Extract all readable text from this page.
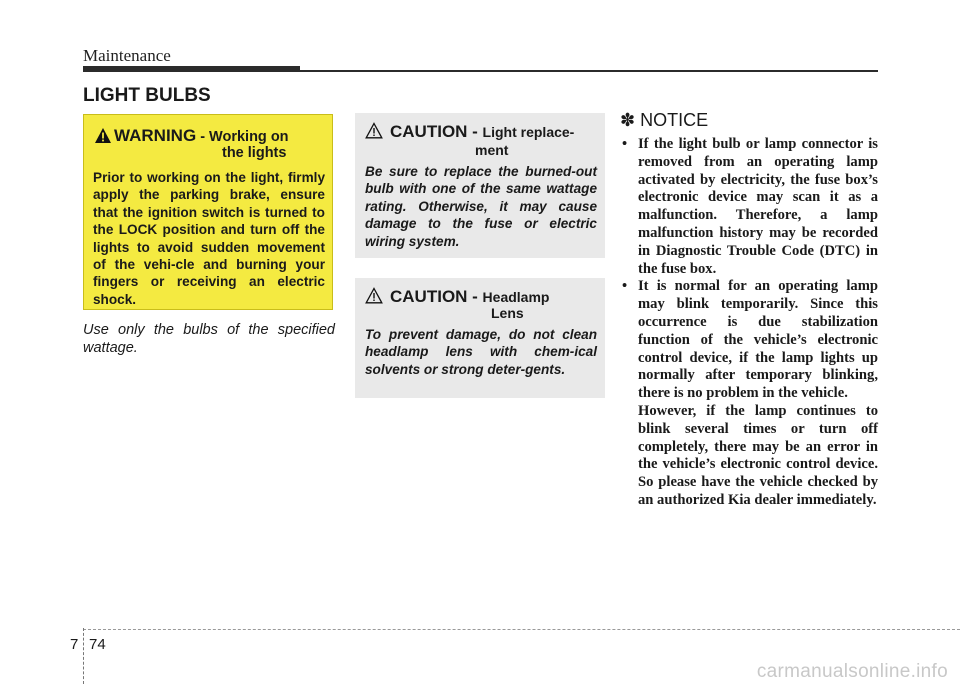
Maintenance
LIGHT BULBS
WARNING - Working on
the lights
Prior to working on the light, firmly apply the parking brake, ensure that the ignition switch is turned to the LOCK position and turn off the lights to avoid sudden movement of the vehi-cle and burning your fingers or receiving an electric shock.
Use only the bulbs of the specified wattage.
CAUTION - Light replace-
ment
Be sure to replace the burned-out bulb with one of the same wattage rating. Otherwise, it may cause damage to the fuse or electric wiring system.
CAUTION - Headlamp
Lens
To prevent damage, do not clean headlamp lens with chem-ical solvents or strong deter-gents.
✽ NOTICE
• If the light bulb or lamp connector is removed from an operating lamp activated by electricity, the fuse box’s electronic device may scan it as a malfunction. Therefore, a lamp malfunction history may be recorded in Diagnostic Trouble Code (DTC) in the fuse box.
• It is normal for an operating lamp may blink temporarily. Since this occurrence is due stabilization function of the vehicle’s electronic control device, if the lamp lights up normally after temporary blinking, there is no problem in the vehicle.
However, if the lamp continues to blink several times or turn off completely, there may be an error in the vehicle’s electronic control device. So please have the vehicle checked by an authorized Kia dealer immediately.
7 74
carmanualsonline.info
